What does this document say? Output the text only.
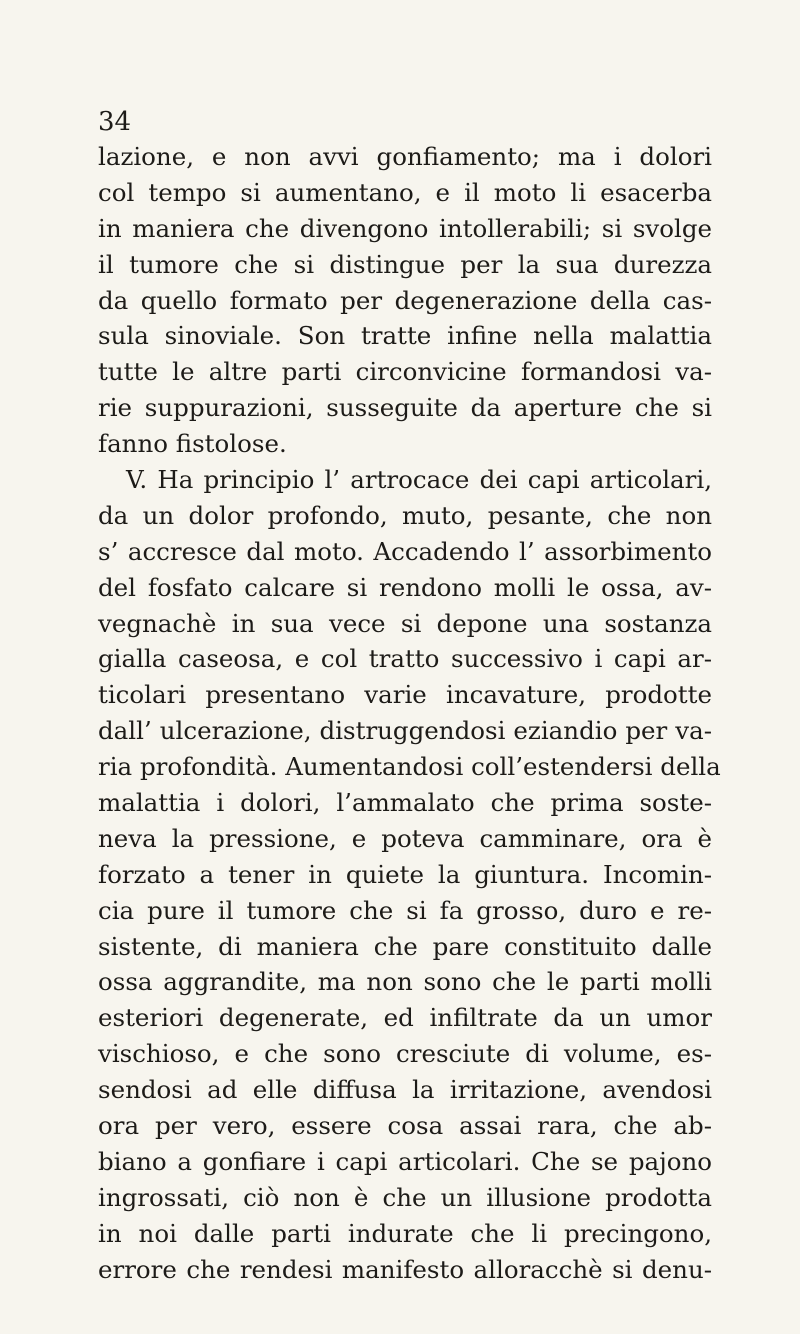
34
lazione, e non avvi gonfiamento; ma i dolori
col tempo si aumentano, e il moto li esacerba
in maniera che divengono intollerabili; si svolge
il tumore che si distingue per la sua durezza
da quello formato per degenerazione della cas-
sula sinoviale. Son tratte infine nella malattia
tutte le altre parti circonvicine formandosi va-
rie suppurazioni, susseguite da aperture che si
fanno fistolose.
V. Ha principio l’ artrocace dei capi articolari,
da un dolor profondo, muto, pesante, che non
s’ accresce dal moto. Accadendo l’ assorbimento
del fosfato calcare si rendono molli le ossa, av-
vegnachè in sua vece si depone una sostanza
gialla caseosa, e col tratto successivo i capi ar-
ticolari presentano varie incavature, prodotte
dall’ ulcerazione, distruggendosi eziandio per va-
ria profondità. Aumentandosi coll’estendersi della
malattia i dolori, l’ammalato che prima soste-
neva la pressione, e poteva camminare, ora è
forzato a tener in quiete la giuntura. Incomin-
cia pure il tumore che si fa grosso, duro e re-
sistente, di maniera che pare constituito dalle
ossa aggrandite, ma non sono che le parti molli
esteriori degenerate, ed infiltrate da un umor
vischioso, e che sono cresciute di volume, es-
sendosi ad elle diffusa la irritazione, avendosi
ora per vero, essere cosa assai rara, che ab-
biano a gonfiare i capi articolari. Che se pajono
ingrossati, ciò non è che un illusione prodotta
in noi dalle parti indurate che li precingono,
errore che rendesi manifesto alloracchè si denu-
